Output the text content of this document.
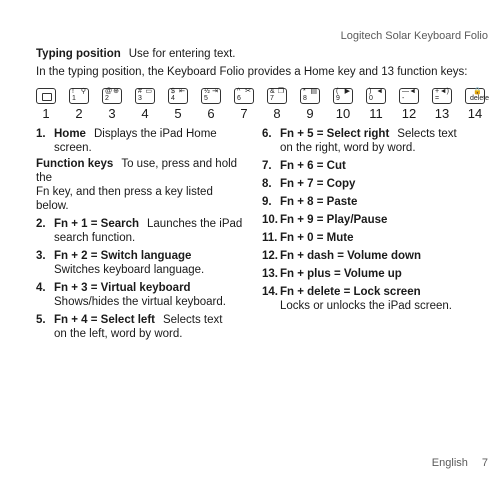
Logitech Solar Keyboard Folio
Typing position Use for entering text.
In the typing position, the Keyboard Folio provides a Home key and 13 function keys:
! ⚲
1
@ ⊕
2
# ▭
3
$ ⇤
4
½ ⇥
5
^ ✂
6
& ❐
7
* ▤
8
( ▶
9
) ◄
0
— ◄
-
+ ◄)
=
🔒
delete
1	2	3	4	5	6	7	8	9	10	11	12	13	14
1. Home Displays the iPad Home screen.
Function keys To use, press and hold the
Fn key, and then press a key listed below.
2. Fn + 1 = Search Launches the iPad
search function.
3. Fn + 2 = Switch language
Switches keyboard language.
4. Fn + 3 = Virtual keyboard
Shows/hides the virtual keyboard.
5. Fn + 4 = Select left Selects text
on the left, word by word.
6. Fn + 5 = Select right Selects text
on the right, word by word.
7. Fn + 6 = Cut
8. Fn + 7 = Copy
9. Fn + 8 = Paste
10. Fn + 9 = Play/Pause
11. Fn + 0 = Mute
12. Fn + dash = Volume down
13. Fn + plus = Volume up
14. Fn + delete = Lock screen
Locks or unlocks the iPad screen.
English 7
